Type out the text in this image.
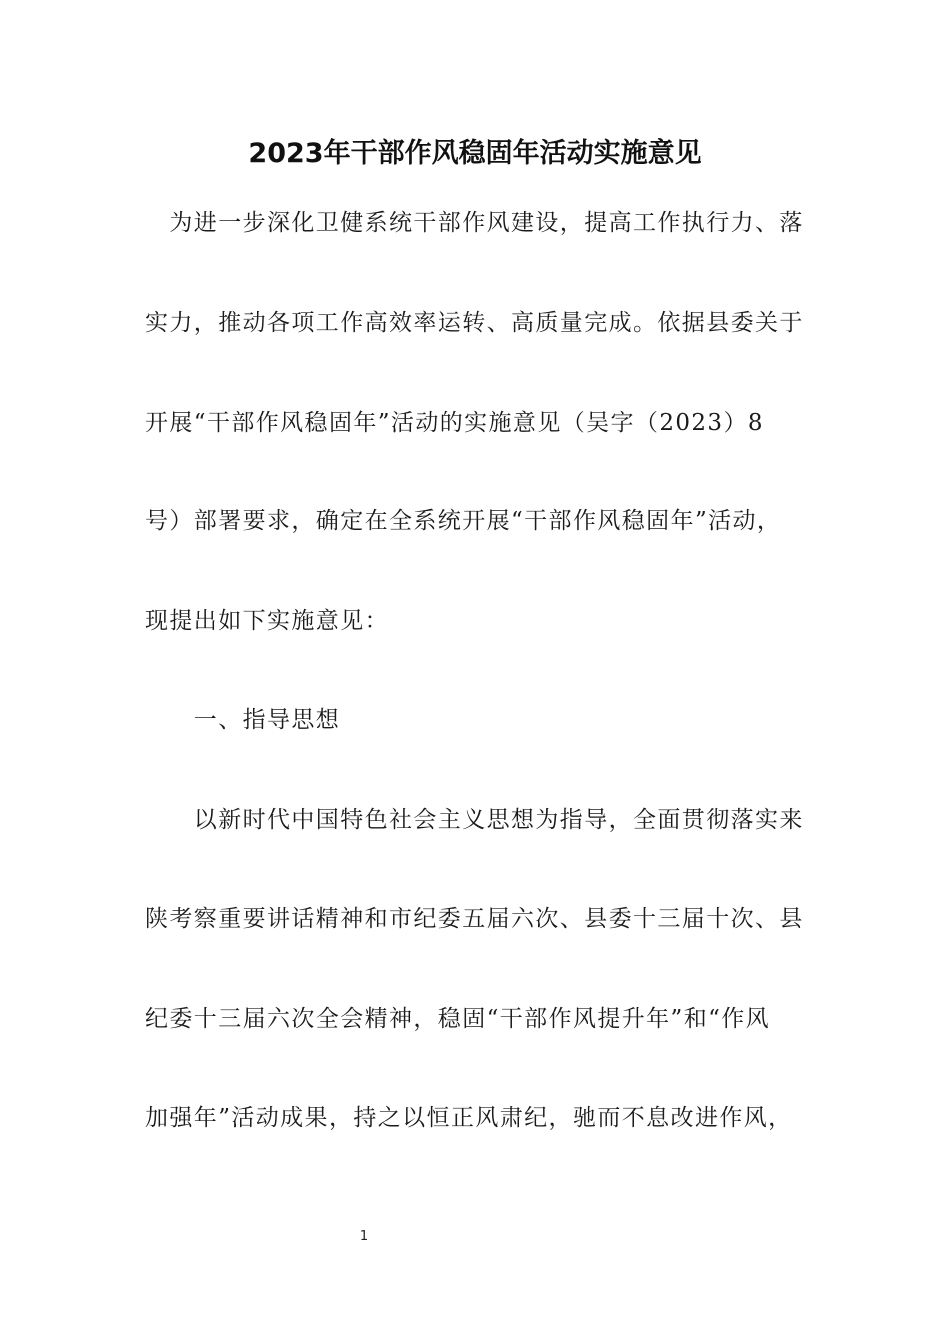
2023年干部作风稳固年活动实施意见
　为进一步深化卫健系统干部作风建设，提高工作执行力、落
实力，推动各项工作高效率运转、高质量完成。依据县委关于
开展“干部作风稳固年”活动的实施意见（吴字（2023）8
号）部署要求，确定在全系统开展“干部作风稳固年”活动，
现提出如下实施意见：
　　一、指导思想
　　以新时代中国特色社会主义思想为指导，全面贯彻落实来
陕考察重要讲话精神和市纪委五届六次、县委十三届十次、县
纪委十三届六次全会精神，稳固“干部作风提升年”和“作风
加强年”活动成果，持之以恒正风肃纪，驰而不息改进作风，
1
